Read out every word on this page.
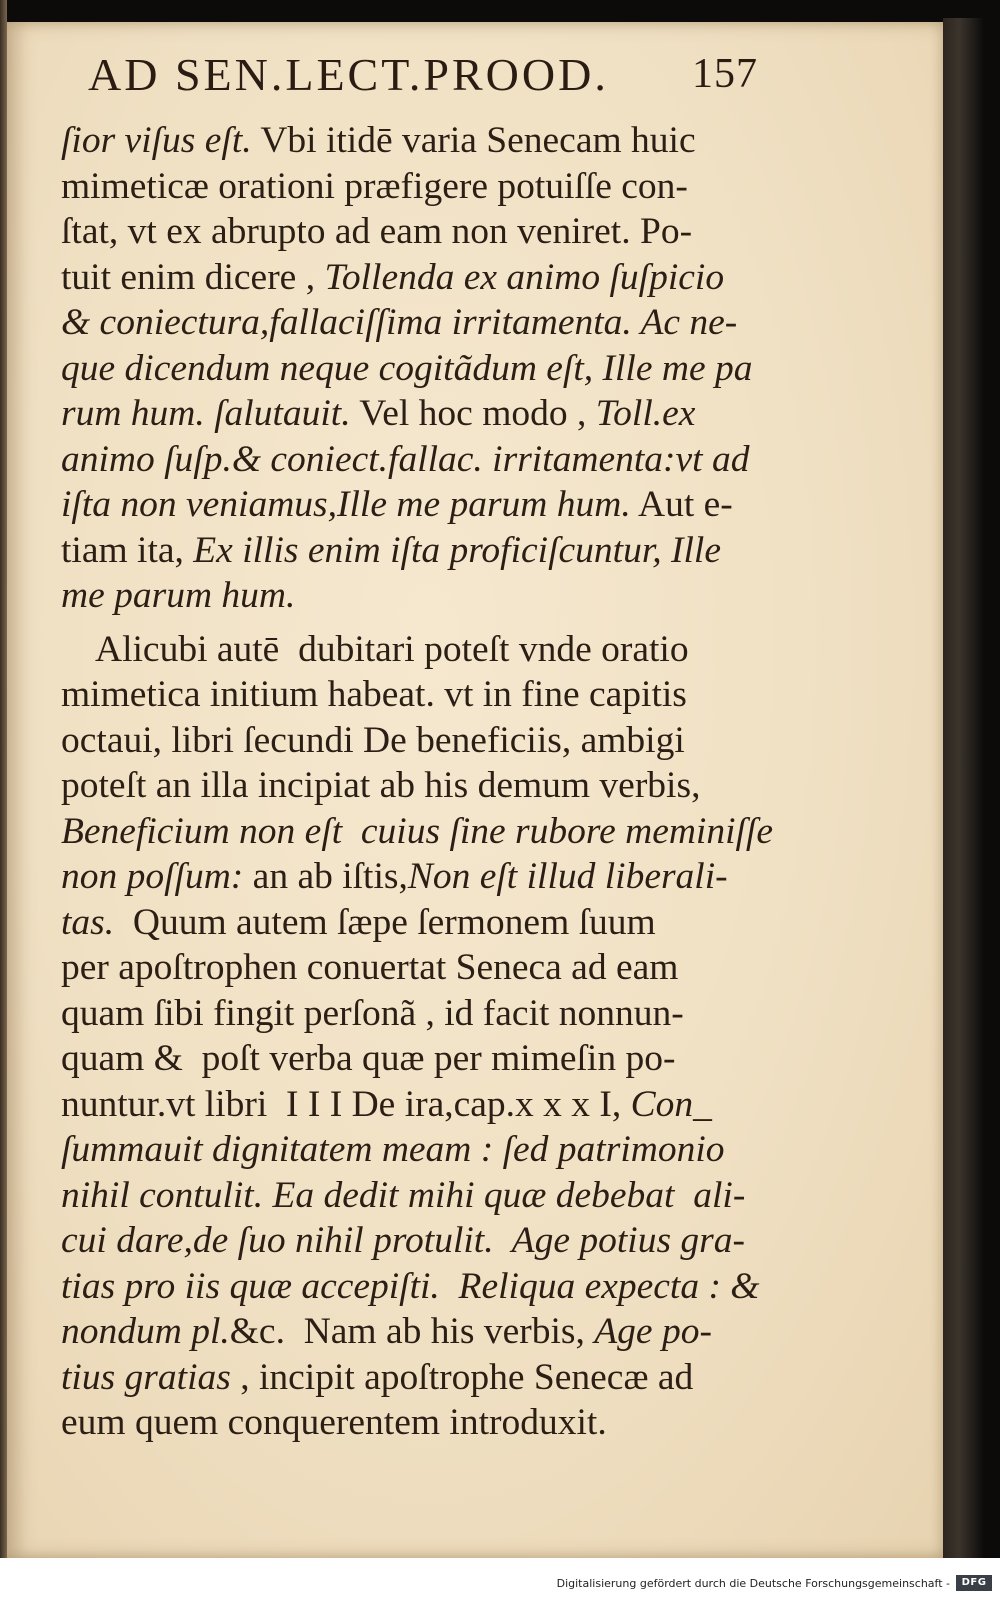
AD SEN.LECT.PROOD. 157
ſior viſus eſt. Vbi itidē varia Senecam huic
mimeticæ orationi præfigere potuiſſe con-
ſtat, vt ex abrupto ad eam non veniret. Po-
tuit enim dicere , Tollenda ex animo ſuſpicio
& coniectura,fallaciſſima irritamenta. Ac ne-
que dicendum neque cogitãdum eſt, Ille me pa
rum hum. ſalutauit. Vel hoc modo , Toll.ex
animo ſuſp.& coniect.fallac. irritamenta:vt ad
iſta non veniamus,Ille me parum hum. Aut e-
tiam ita, Ex illis enim iſta proficiſcuntur, Ille
me parum hum.
Alicubi autē  dubitari poteſt vnde oratio
mimetica initium habeat. vt in fine capitis
octaui, libri ſecundi De beneficiis, ambigi
poteſt an illa incipiat ab his demum verbis,
Beneficium non eſt  cuius ſine rubore meminiſſe
non poſſum: an ab iſtis,Non eſt illud liberali-
tas.  Quum autem ſæpe ſermonem ſuum
per apoſtrophen conuertat Seneca ad eam
quam ſibi fingit perſonã , id facit nonnun-
quam &  poſt verba quæ per mimeſin po-
nuntur.vt libri  I I I De ira,cap.x x x I, Con_
ſummauit dignitatem meam : ſed patrimonio
nihil contulit. Ea dedit mihi quæ debebat  ali-
cui dare,de ſuo nihil protulit.  Age potius gra-
tias pro iis quæ accepiſti.  Reliqua expecta : &
nondum pl.&c.  Nam ab his verbis, Age po-
tius gratias , incipit apoſtrophe Senecæ ad
eum quem conquerentem introduxit.
Digitalisierung gefördert durch die Deutsche Forschungsgemeinschaft -	DFG
